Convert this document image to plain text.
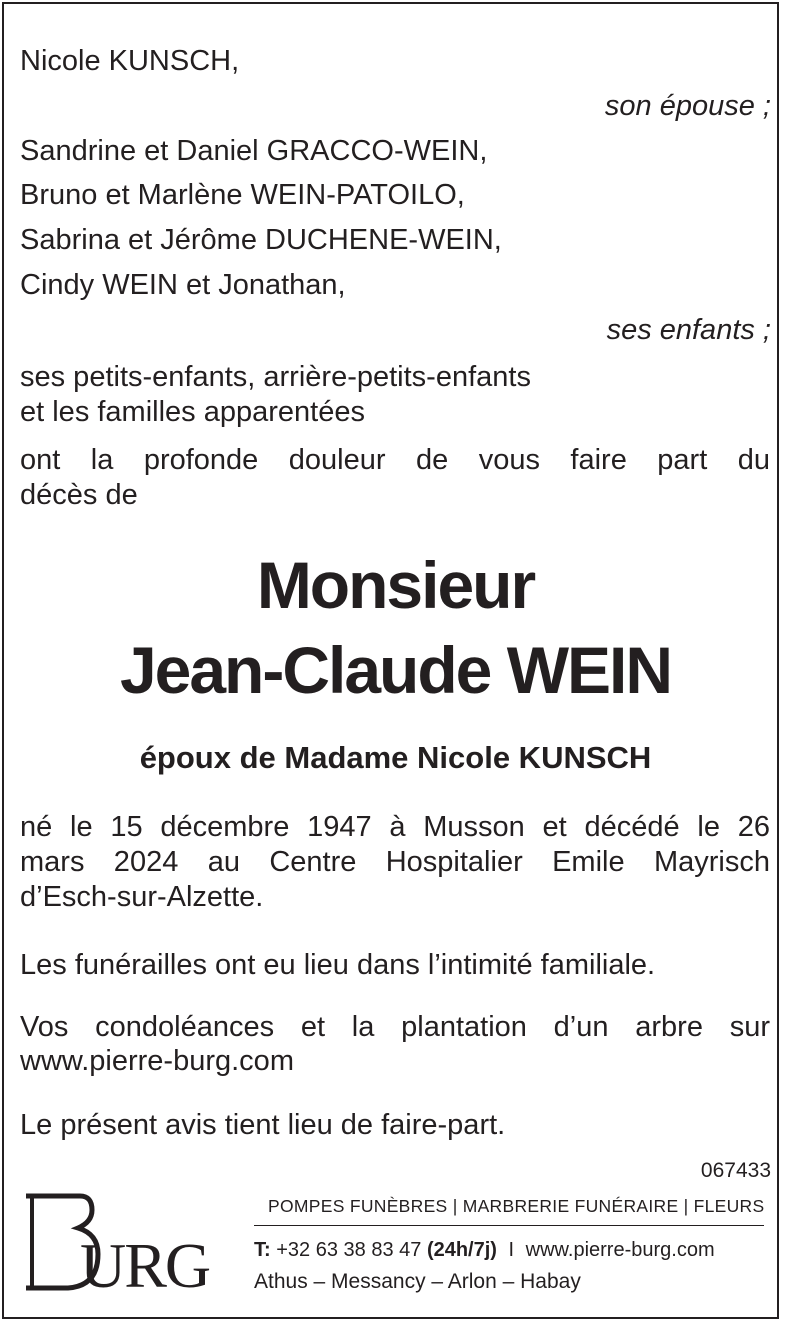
Nicole KUNSCH,
son épouse ;
Sandrine et Daniel GRACCO-WEIN,
Bruno et Marlène WEIN-PATOILO,
Sabrina et Jérôme DUCHENE-WEIN,
Cindy WEIN et Jonathan,
ses enfants ;
ses petits-enfants, arrière-petits-enfants
et les familles apparentées
ont la profonde douleur de vous faire part du
décès de
Monsieur
Jean-Claude WEIN
époux de Madame Nicole KUNSCH
né le 15 décembre 1947 à Musson et décédé le 26
mars 2024 au Centre Hospitalier Emile Mayrisch
d’Esch-sur-Alzette.
Les funérailles ont eu lieu dans l’intimité familiale.
Vos condoléances et la plantation d’un arbre sur
www.pierre-burg.com
Le présent avis tient lieu de faire-part.
067433
URG
POMPES FUNÈBRES | MARBRERIE FUNÉRAIRE | FLEURS
T: +32 63 38 83 47 (24h/7j) I www.pierre-burg.com
Athus – Messancy – Arlon – Habay
